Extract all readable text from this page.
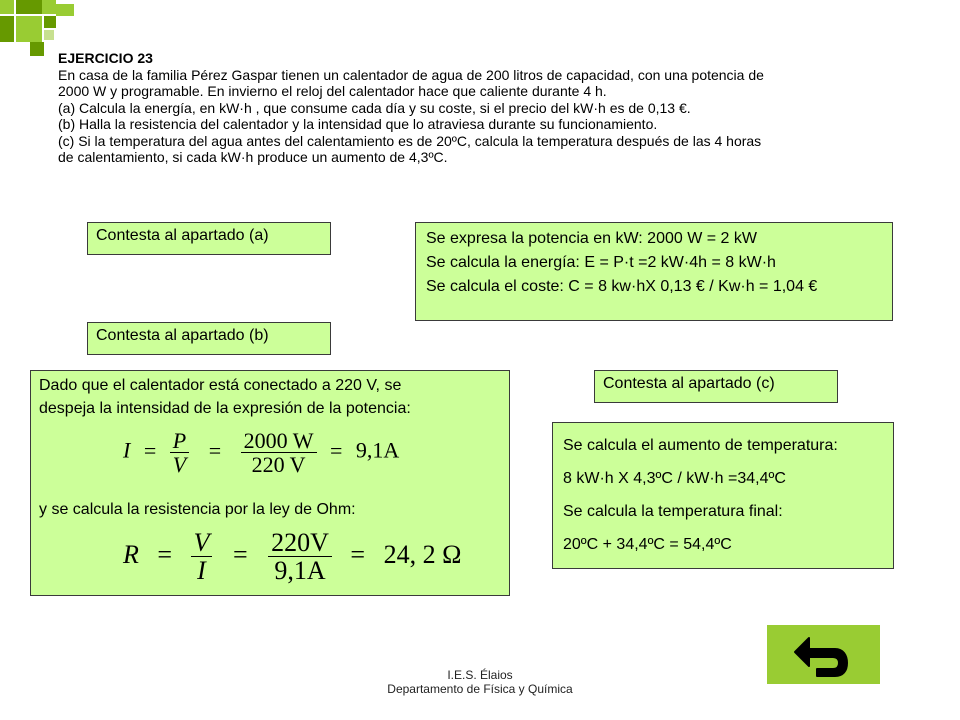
EJERCICIO 23
En casa de la familia Pérez Gaspar tienen un calentador de agua de 200 litros de capacidad, con una potencia de
2000 W y programable. En invierno el reloj del calentador hace que caliente durante 4 h.
(a) Calcula la energía, en kW·h , que consume cada día y su coste, si el precio del kW·h es de 0,13 €.
(b) Halla la resistencia del calentador y la intensidad que lo atraviesa durante su funcionamiento.
(c) Si la temperatura del agua antes del calentamiento es de 20ºC, calcula la temperatura después de las 4 horas
de calentamiento, si cada kW·h produce un aumento de 4,3ºC.
Contesta al apartado (a)	Se expresa la potencia en kW: 2000 W = 2 kW
Se calcula la energía: E = P·t =2 kW·4h = 8 kW·h
Se calcula el coste: C = 8 kw·hX 0,13 € / Kw·h = 1,04 €
Contesta al apartado (b)
Dado que el calentador está conectado a 220 V, se
despeja la intensidad de la expresión de la potencia:
$I = \frac{P}{V} = \frac{2000 W}{220 V} = 9,1A$
y se calcula la resistencia por la ley de Ohm:
$R = \frac{V}{I} = \frac{220V}{9,1A} = 24$, 2 Ω
Contesta al apartado (c)
Se calcula el aumento de temperatura:
8 kW·h X 4,3ºC / kW·h =34,4ºC
Se calcula la temperatura final:
20ºC + 34,4ºC = 54,4ºC
I.E.S. Élaios
Departamento de Física y Química
